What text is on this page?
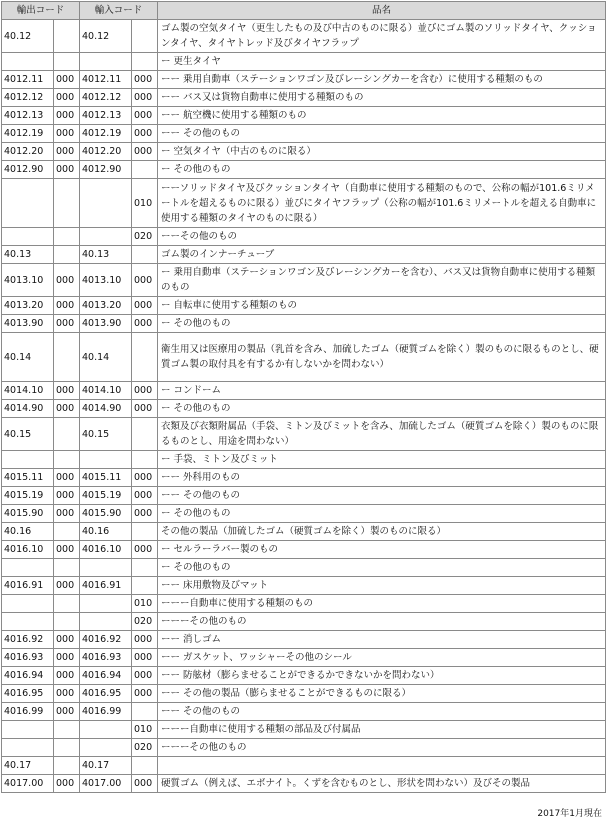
輸出コード		輸入コード		品名
40.12		40.12		ゴム製の空気タイヤ（更生したもの及び中古のものに限る）並びにゴム製のソリッドタイヤ、クッションタイヤ、タイヤトレッド及びタイヤフラップ
				ー 更生タイヤ
4012.11	000	4012.11	000	ーー 乗用自動車（ステーションワゴン及びレーシングカーを含む）に使用する種類のもの
4012.12	000	4012.12	000	ーー バス又は貨物自動車に使用する種類のもの
4012.13	000	4012.13	000	ーー 航空機に使用する種類のもの
4012.19	000	4012.19	000	ーー その他のもの
4012.20	000	4012.20	000	ー 空気タイヤ（中古のものに限る）
4012.90	000	4012.90		ー その他のもの
			010	ーーソリッドタイヤ及びクッションタイヤ（自動車に使用する種類のもので、公称の幅が101.6ミリメートルを超えるものに限る）並びにタイヤフラップ（公称の幅が101.6ミリメートルを超える自動車に使用する種類のタイヤのものに限る）
			020	ーーその他のもの
40.13		40.13		ゴム製のインナーチューブ
4013.10	000	4013.10	000	ー 乗用自動車（ステーションワゴン及びレーシングカーを含む）、バス又は貨物自動車に使用する種類のもの
4013.20	000	4013.20	000	ー 自転車に使用する種類のもの
4013.90	000	4013.90	000	ー その他のもの
40.14		40.14		衛生用又は医療用の製品（乳首を含み、加硫したゴム（硬質ゴムを除く）製のものに限るものとし、硬質ゴム製の取付具を有するか有しないかを問わない）
4014.10	000	4014.10	000	ー コンドーム
4014.90	000	4014.90	000	ー その他のもの
40.15		40.15		衣類及び衣類附属品（手袋、ミトン及びミットを含み、加硫したゴム（硬質ゴムを除く）製のものに限るものとし、用途を問わない）
				ー 手袋、ミトン及びミット
4015.11	000	4015.11	000	ーー 外科用のもの
4015.19	000	4015.19	000	ーー その他のもの
4015.90	000	4015.90	000	ー その他のもの
40.16		40.16		その他の製品（加硫したゴム（硬質ゴムを除く）製のものに限る）
4016.10	000	4016.10	000	ー セルラーラバー製のもの
				ー その他のもの
4016.91	000	4016.91		ーー 床用敷物及びマット
			010	ーーー自動車に使用する種類のもの
			020	ーーーその他のもの
4016.92	000	4016.92	000	ーー 消しゴム
4016.93	000	4016.93	000	ーー ガスケット、ワッシャーその他のシール
4016.94	000	4016.94	000	ーー 防舷材（膨らませることができるかできないかを問わない）
4016.95	000	4016.95	000	ーー その他の製品（膨らませることができるものに限る）
4016.99	000	4016.99		ーー その他のもの
			010	ーーー自動車に使用する種類の部品及び付属品
			020	ーーーその他のもの
40.17		40.17		
4017.00	000	4017.00	000	硬質ゴム（例えば、エボナイト。くずを含むものとし、形状を問わない）及びその製品
2017年1月現在
